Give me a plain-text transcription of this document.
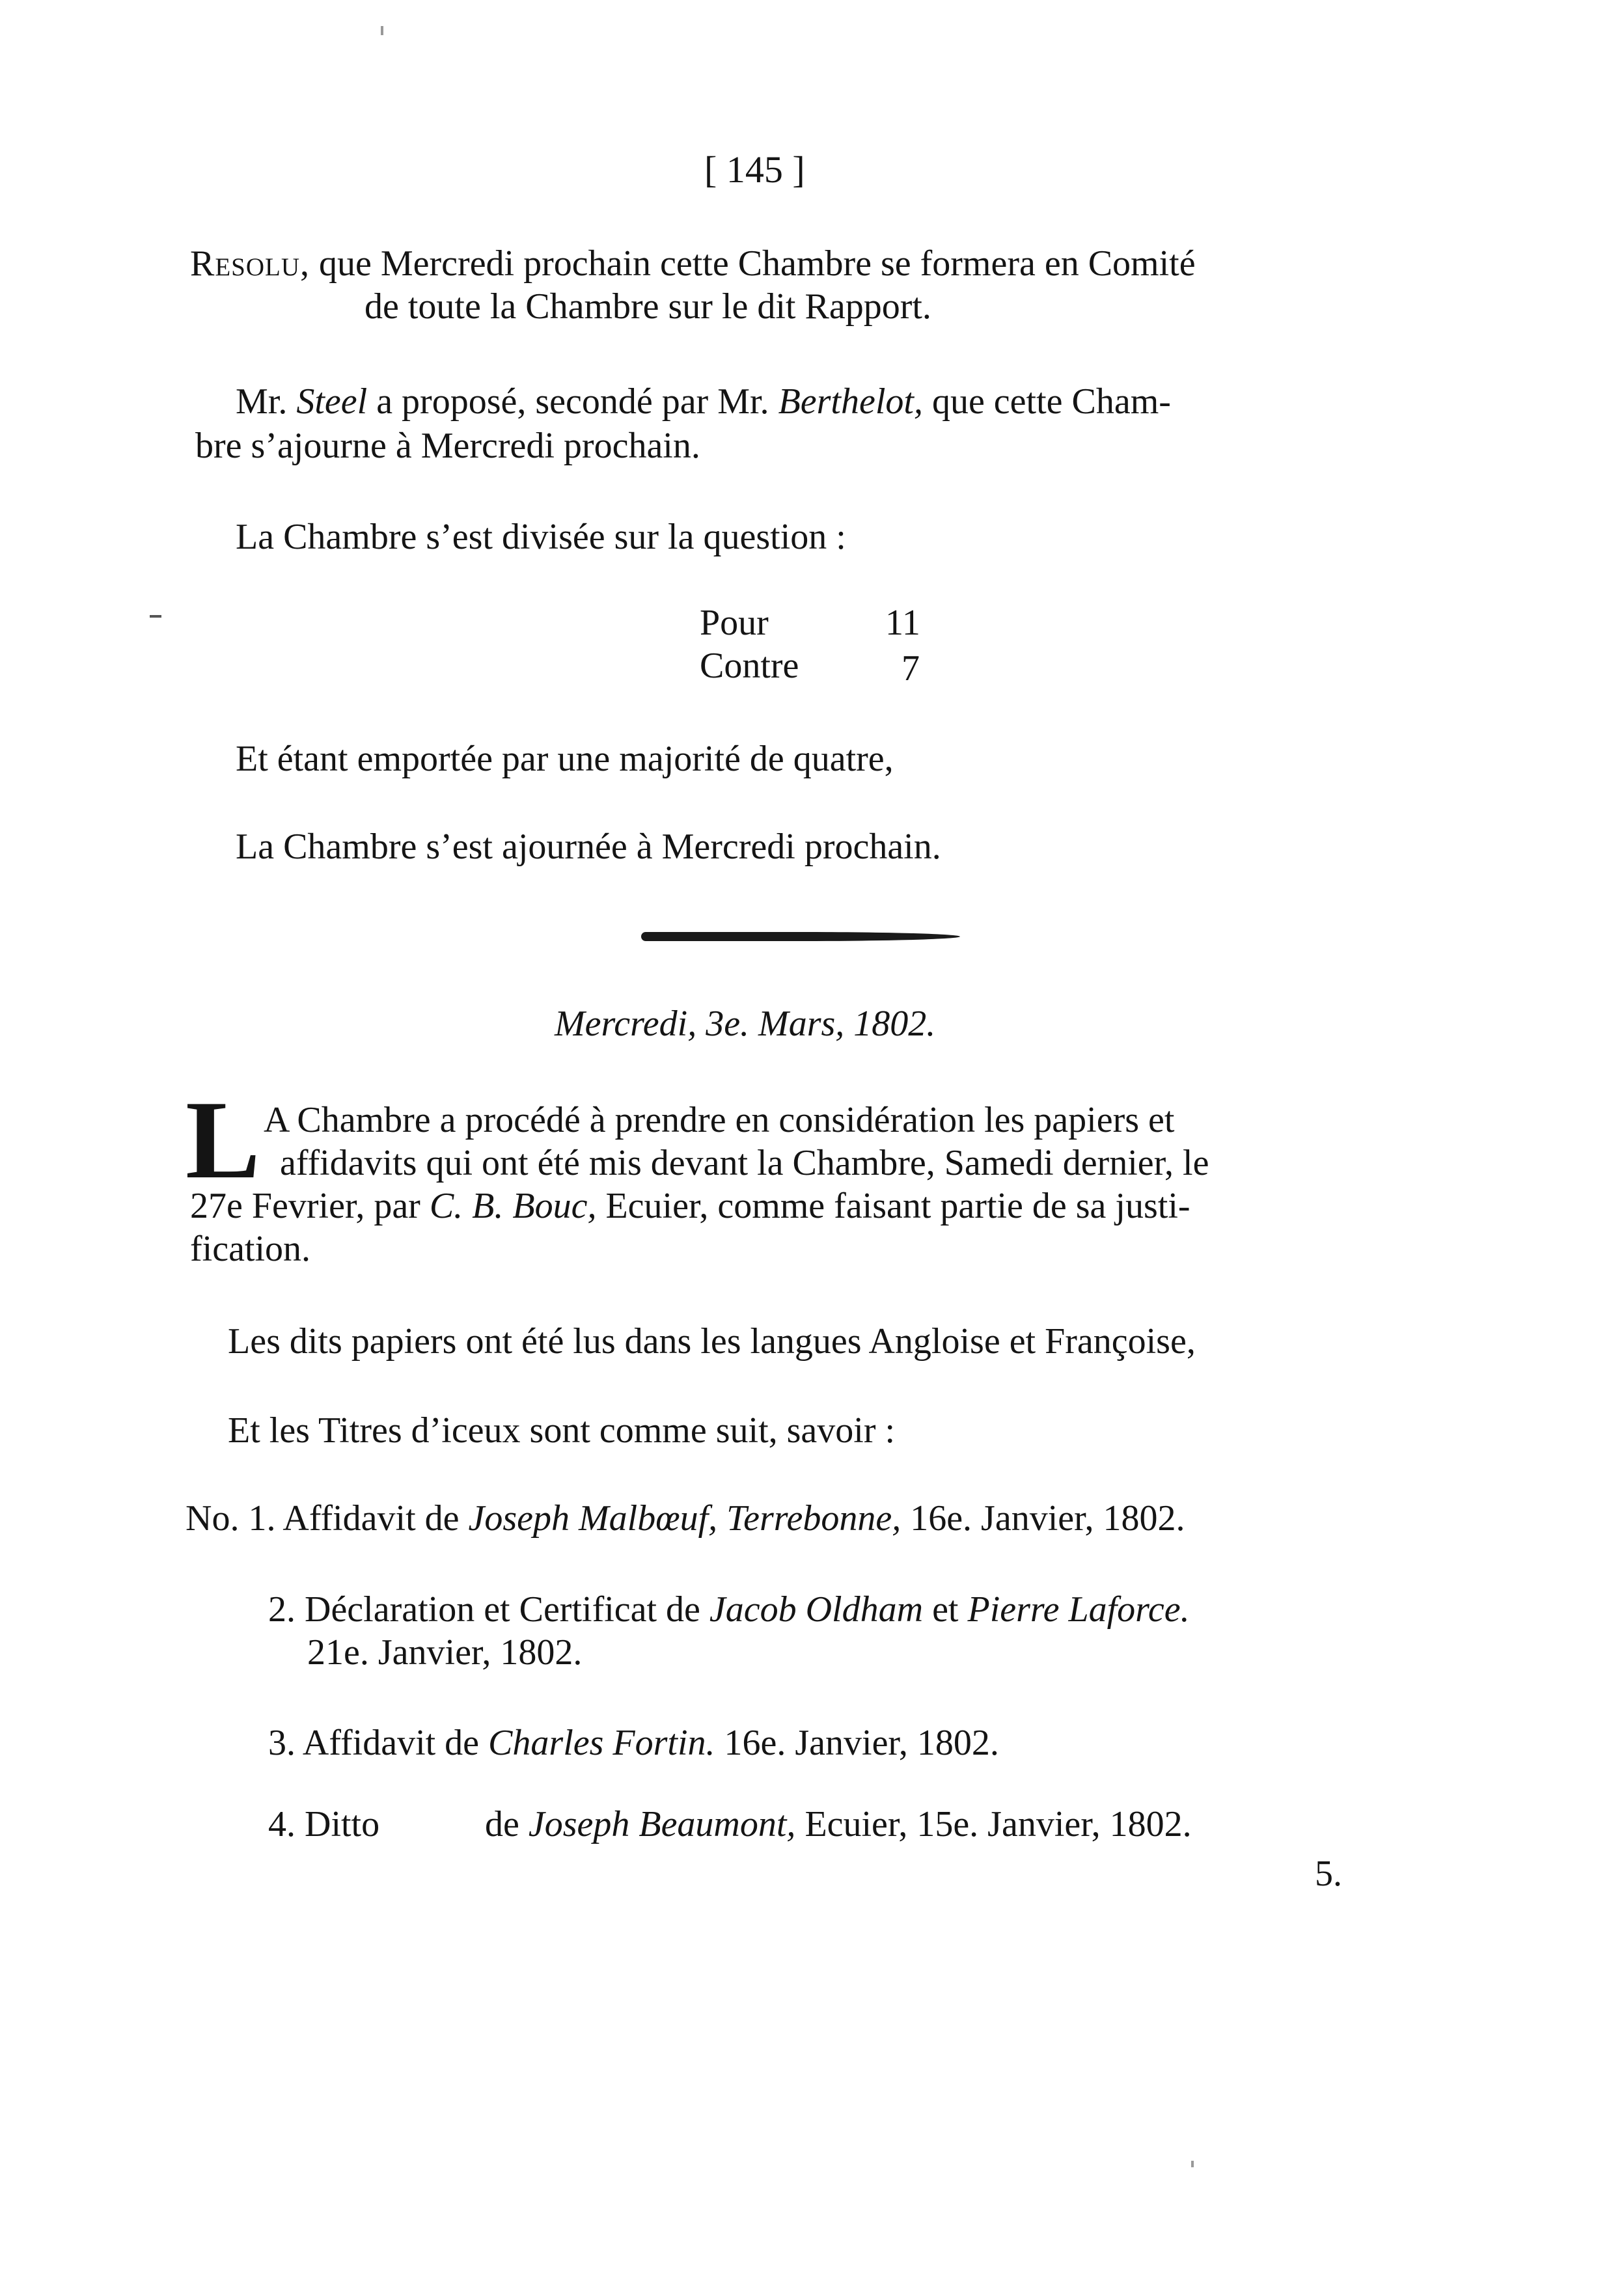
[ 145 ]
Resolu, que Mercredi prochain cette Chambre se formera en Comité
de toute la Chambre sur le dit Rapport.
Mr. Steel a proposé, secondé par Mr. Berthelot, que cette Cham-
bre s’ajourne à Mercredi prochain.
La Chambre s’est divisée sur la question :
Pour	11
Contre	7
Et étant emportée par une majorité de quatre,
La Chambre s’est ajournée à Mercredi prochain.
Mercredi, 3e. Mars, 1802.
L A Chambre a procédé à prendre en considération les papiers et
affidavits qui ont été mis devant la Chambre, Samedi dernier, le
27e Fevrier, par C. B. Bouc, Ecuier, comme faisant partie de sa justi-
fication.
Les dits papiers ont été lus dans les langues Angloise et Françoise,
Et les Titres d’iceux sont comme suit, savoir :
No. 1. Affidavit de Joseph Malbœuf, Terrebonne, 16e. Janvier, 1802.
2. Déclaration et Certificat de Jacob Oldham et Pierre Laforce.
21e. Janvier, 1802.
3. Affidavit de Charles Fortin. 16e. Janvier, 1802.
4. Ditto	de Joseph Beaumont, Ecuier, 15e. Janvier, 1802.
5.
